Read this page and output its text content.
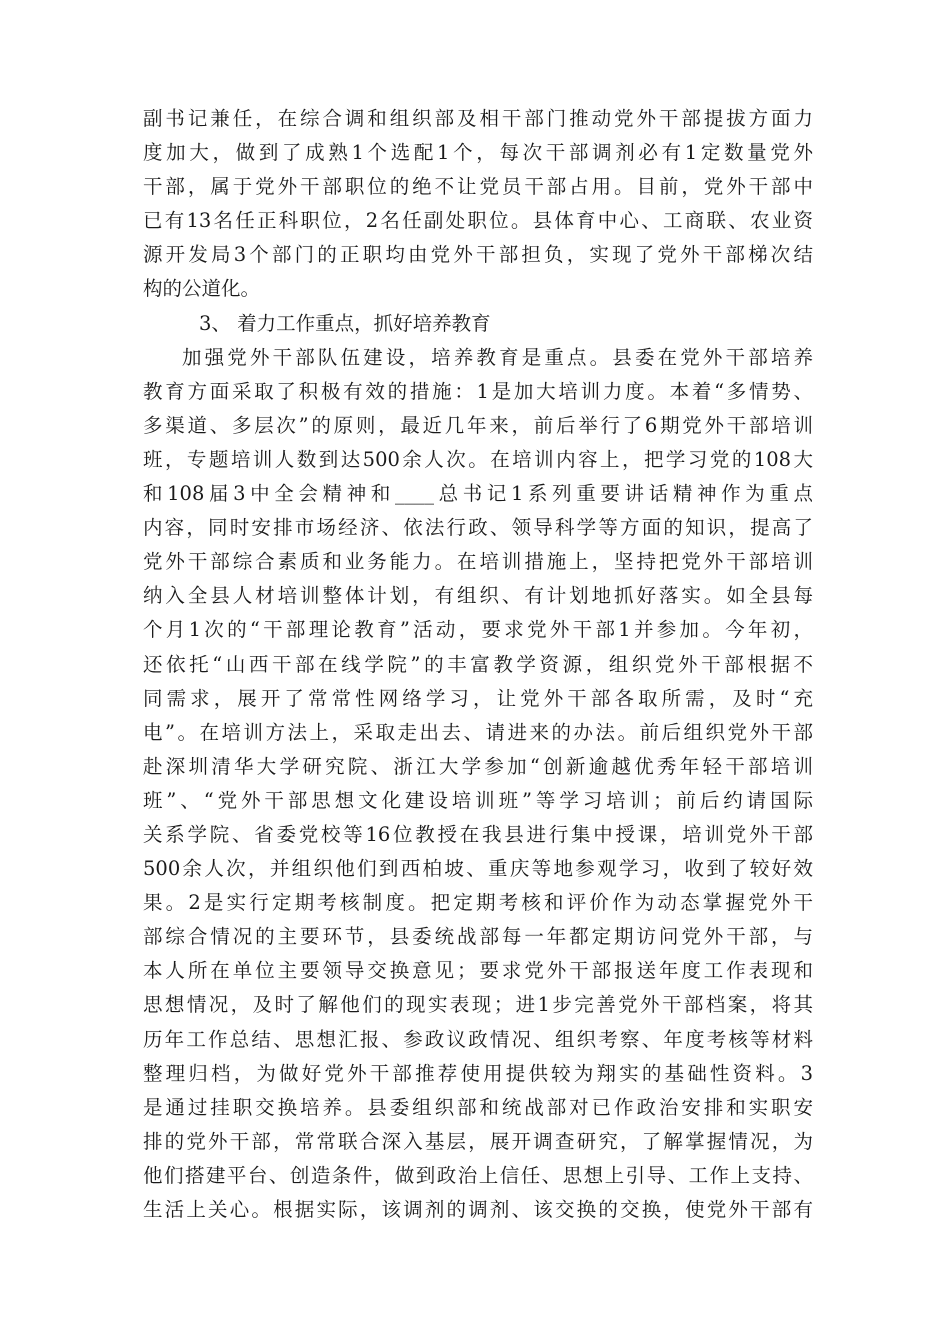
副书记兼任，在综合调和组织部及相干部门推动党外干部提拔方面力
度加大，做到了成熟1个选配1个，每次干部调剂必有1定数量党外
干部，属于党外干部职位的绝不让党员干部占用。目前，党外干部中
已有13名任正科职位，2名任副处职位。县体育中心、工商联、农业资
源开发局3个部门的正职均由党外干部担负，实现了党外干部梯次结
构的公道化。
3、 着力工作重点，抓好培养教育
加强党外干部队伍建设，培养教育是重点。县委在党外干部培养
教育方面采取了积极有效的措施：1是加大培训力度。本着“多情势、
多渠道、多层次”的原则，最近几年来，前后举行了6期党外干部培训
班，专题培训人数到达500余人次。在培训内容上，把学习党的108大
和108届3中全会精神和____总书记1系列重要讲话精神作为重点
内容，同时安排市场经济、依法行政、领导科学等方面的知识，提高了
党外干部综合素质和业务能力。在培训措施上，坚持把党外干部培训
纳入全县人材培训整体计划，有组织、有计划地抓好落实。如全县每
个月1次的“干部理论教育”活动，要求党外干部1并参加。今年初，
还依托“山西干部在线学院”的丰富教学资源，组织党外干部根据不
同需求，展开了常常性网络学习，让党外干部各取所需，及时“充
电”。在培训方法上，采取走出去、请进来的办法。前后组织党外干部
赴深圳清华大学研究院、浙江大学参加“创新逾越优秀年轻干部培训
班”、“党外干部思想文化建设培训班”等学习培训；前后约请国际
关系学院、省委党校等16位教授在我县进行集中授课，培训党外干部
500余人次，并组织他们到西柏坡、重庆等地参观学习，收到了较好效
果。2是实行定期考核制度。把定期考核和评价作为动态掌握党外干
部综合情况的主要环节，县委统战部每一年都定期访问党外干部，与
本人所在单位主要领导交换意见；要求党外干部报送年度工作表现和
思想情况，及时了解他们的现实表现；进1步完善党外干部档案，将其
历年工作总结、思想汇报、参政议政情况、组织考察、年度考核等材料
整理归档，为做好党外干部推荐使用提供较为翔实的基础性资料。3
是通过挂职交换培养。县委组织部和统战部对已作政治安排和实职安
排的党外干部，常常联合深入基层，展开调查研究，了解掌握情况，为
他们搭建平台、创造条件，做到政治上信任、思想上引导、工作上支持、
生活上关心。根据实际，该调剂的调剂、该交换的交换，使党外干部有
